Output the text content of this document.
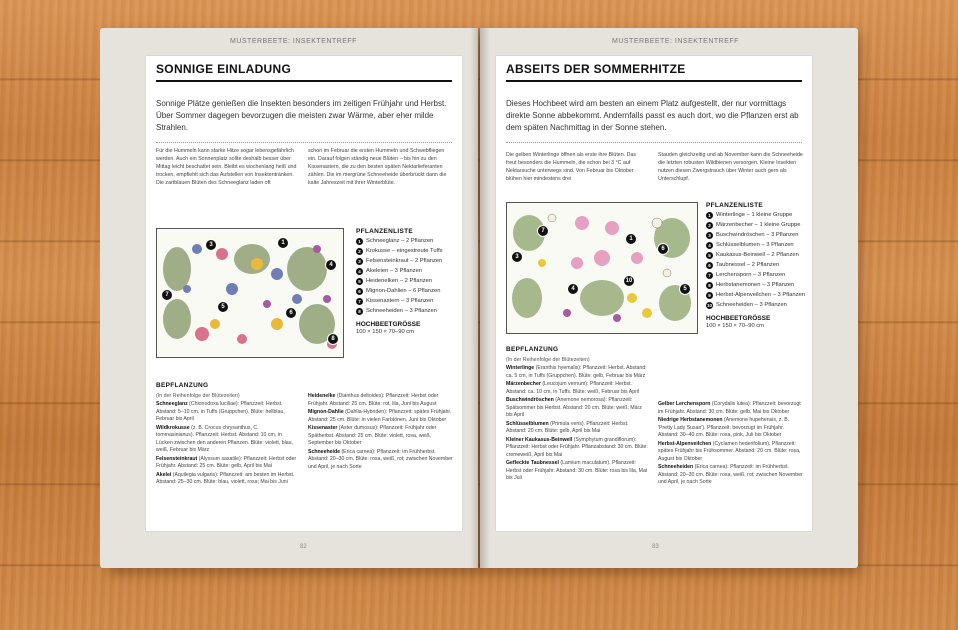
MUSTERBEETE: INSEKTENTREFF	MUSTERBEETE: INSEKTENTREFF
SONNIGE EINLADUNG

Sonnige Plätze genießen die Insekten besonders im zeitigen Frühjahr und Herbst. Über Sommer dagegen bevorzugen die meisten zwar Wärme, aber eher milde Strahlen.

Für die Hummeln kann starke Hitze sogar lebensgefährlich werden. Auch ein Sonnenplatz sollte deshalb besser über Mittag leicht beschattet sein. Bleibt es wochenlang heiß und trocken, empfiehlt sich das Aufstellen von Insektentränken. Die zartblauen Blüten des Schneeglanz laden oft

schon im Februar die ersten Hummeln und Schwebfliegen ein. Darauf folgen ständig neue Blüten – bis hin zu den Kissenastern, die zu den besten späten Nektarlieferanten zählen. Die im mergrüne Schneeheide überbrückt dann die kalte Jahreszeit mit ihrer Winterblüte.

3	1
4
7
5
6
8
PFLANZENLISTE
1 Schneeglanz – 2 Pflanzen
2 Krokusse – eingestreute Tuffs
3 Felsensteinkraut – 2 Pflanzen
4 Akeleien – 3 Pflanzen
5 Heidenelken – 2 Pflanzen
6 Mignon-Dahlien – 6 Pflanzen
7 Kissenastern – 3 Pflanzen
8 Schneeheiden – 3 Pflanzen
HOCHBEETGRÖSSE
100 × 150 × 70–90 cm
BEPFLANZUNG
(In der Reihenfolge der Blütezeiten)
Schneeglanz (Chionodoxa luciliae): Pflanzzeit: Herbst. Abstand: 5–10 cm, in Tuffs (Gruppchen). Blüte: hellblau, Februar bis April
Wildkrokusse (z. B. Crocus chrysanthus, C. tommasinianus). Pflanzzeit: Herbst. Abstand: 10 cm, in Lücken zwischen den anderen Pflanzen. Blüte: violett, blau, weiß, Februar bis März
Felsensteinkraut (Alyssum saxatile): Pflanzzeit: Herbst oder Frühjahr. Abstand: 25 cm. Blüte: gelb, April bis Mai
Akelei (Aquilegia vulgaris): Pflanzzeit: am besten im Herbst. Abstand: 25–30 cm. Blüte: blau, violett, rosa; Mai bis Juni
Heidenelke (Dianthus deltoides): Pflanzzeit: Herbst oder Frühjahr. Abstand: 25 cm. Blüte: rot, lila, Juni bis August
Mignon-Dahlie (Dahlia-Hybriden): Pflanzzeit: spätes Frühjahr. Abstand: 25 cm. Blüte: in vielen Farbtönen, Juni bis Oktober
Kissenaster (Aster dumosus): Pflanzzeit: Frühjahr oder Spätherbst. Abstand: 25 cm. Blüte: violett, rosa, weiß, September bis Oktober
Schneeheide (Erica carnea): Pflanzzeit: im Frühherbst. Abstand: 20–30 cm. Blüte: rosa, weiß, rot; zwischen November und April, je nach Sorte
ABSEITS DER SOMMERHITZE

Dieses Hochbeet wird am besten an einem Platz aufgestellt, der nur vormittags direkte Sonne abbekommt. Andernfalls passt es auch dort, wo die Pflanzen erst ab dem späten Nachmittag in der Sonne stehen.

Die gelben Winterlinge öffnen als erste ihre Blüten. Das freut besonders die Hummeln, die schon bei 3 °C auf Nektarsuche unterwegs sind. Von Februar bis Oktober blühen hier mindestens drei

Stauden gleichzeitig und ab November kann die Schneeheide die letzten robusten Wildbienen versorgen. Kleine Insekten nutzen diesen Zwergstrauch über Winter auch gern als Unterschlupf.

7
3
1
4
10
6
5
PFLANZENLISTE
1 Winterlinge – 1 kleine Gruppe
2 Märzenbecher – 1 kleine Gruppe
3 Buschwindröschen – 3 Pflanzen
4 Schlüsselblumen – 3 Pflanzen
5 Kaukasus-Beinwell – 2 Pflanzen
6 Taubnessel – 2 Pflanzen
7 Lerchensporn – 3 Pflanzen
8 Herbstanemonen – 3 Pflanzen
9 Herbst-Alpenveilchen – 3 Pflanzen
10 Schneeheiden – 3 Pflanzen
HOCHBEETGRÖSSE
100 × 150 × 70–90 cm
BEPFLANZUNG
(In der Reihenfolge der Blütezeiten)
Winterlinge (Eranthis hyemalis): Pflanzzeit: Herbst. Abstand: ca. 5 cm, in Tuffs (Gruppchen). Blüte: gelb, Februar bis März
Märzenbecher (Leucojum vernum): Pflanzzeit: Herbst. Abstand: ca. 10 cm, in Tuffs. Blüte: weiß, Februar bis April
Buschwindröschen (Anemone nemorosa): Pflanzzeit: Spätsommer bis Herbst. Abstand: 20 cm. Blüte: weiß, März bis April
Schlüsselblumen (Primula veris). Pflanzzeit: Herbst. Abstand: 20 cm. Blüte: gelb, April bis Mai
Kleiner Kaukasus-Beinwell (Symphytum grandiflorum): Pflanzzeit: Herbst oder Frühjahr. Pflanzabstand: 30 cm. Blüte: cremeweiß, April bis Mai
Gefleckte Taubnessel (Lamium maculatum). Pflanzzeit: Herbst oder Frühjahr. Abstand: 30 cm. Blüte: rosa bis lila, Mai bis Juli
Gelber Lerchensporn (Corydalis lutea): Pflanzzeit: bevorzugt im Frühjahr. Abstand: 30 cm. Blüte: gelb, Mai bis Oktober
Niedrige Herbstanemonen (Anemone hupehensis, z. B. 'Pretty Lady Susan'). Pflanzzeit: bevorzugt im Frühjahr. Abstand: 30–40 cm. Blüte: rosa, pink, Juli bis Oktober
Herbst-Alpenveilchen (Cyclamen hederifolium). Pflanzzeit: spätes Frühjahr bis Frühsommer. Abstand: 20 cm. Blüte: rosa, August bis Oktober
Schneeheiden (Erica carnea): Pflanzzeit: im Frühherbst. Abstand: 20–30 cm. Blüte: rosa, weiß, rot; zwischen November und April, je nach Sorte
82	83
